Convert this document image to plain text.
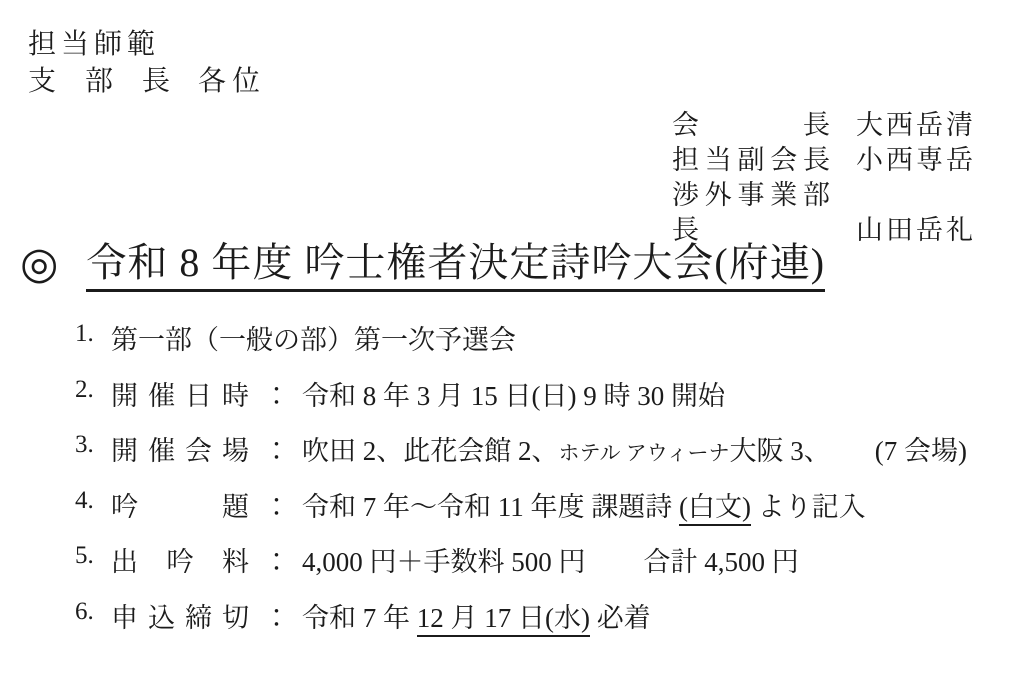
担当師範
支部長 各位
会長 大西岳清
担当副会長 小西専岳
渉外事業部長	山田岳礼
◎ 令和 8 年度 吟士権者決定詩吟大会(府連)
1. 第一部（一般の部）第一次予選会
2. 開催日時 ： 令和 8 年 3 月 15 日(日) 9 時 30 開始
3. 開催会場 ： 吹田 2、此花会館 2、ホテル アウィーナ大阪 3、 (7 会場)
4. 吟題 ： 令和 7 年～令和 11 年度 課題詩 (白文) より記入
5. 出吟料 ： 4,000 円＋手数料 500 円 合計 4,500 円
6. 申込締切 ： 令和 7 年 12 月 17 日(水) 必着
